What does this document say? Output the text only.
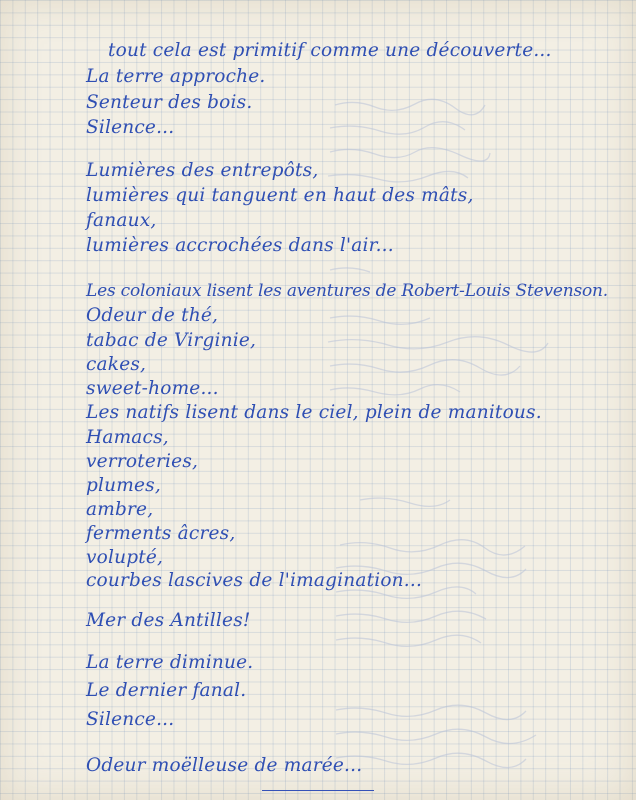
tout cela est primitif comme une découverte...
La terre approche.
Senteur des bois.
Silence...
Lumières des entrepôts,
lumières qui tanguent en haut des mâts,
fanaux,
lumières accrochées dans l'air...
Les coloniaux lisent les aventures de Robert-Louis Stevenson.
Odeur de thé,
tabac de Virginie,
cakes,
sweet-home...
Les natifs lisent dans le ciel, plein de manitous.
Hamacs,
verroteries,
plumes,
ambre,
ferments âcres,
volupté,
courbes lascives de l'imagination...
Mer des Antilles!
La terre diminue.
Le dernier fanal.
Silence...
Odeur moëlleuse de marée...
